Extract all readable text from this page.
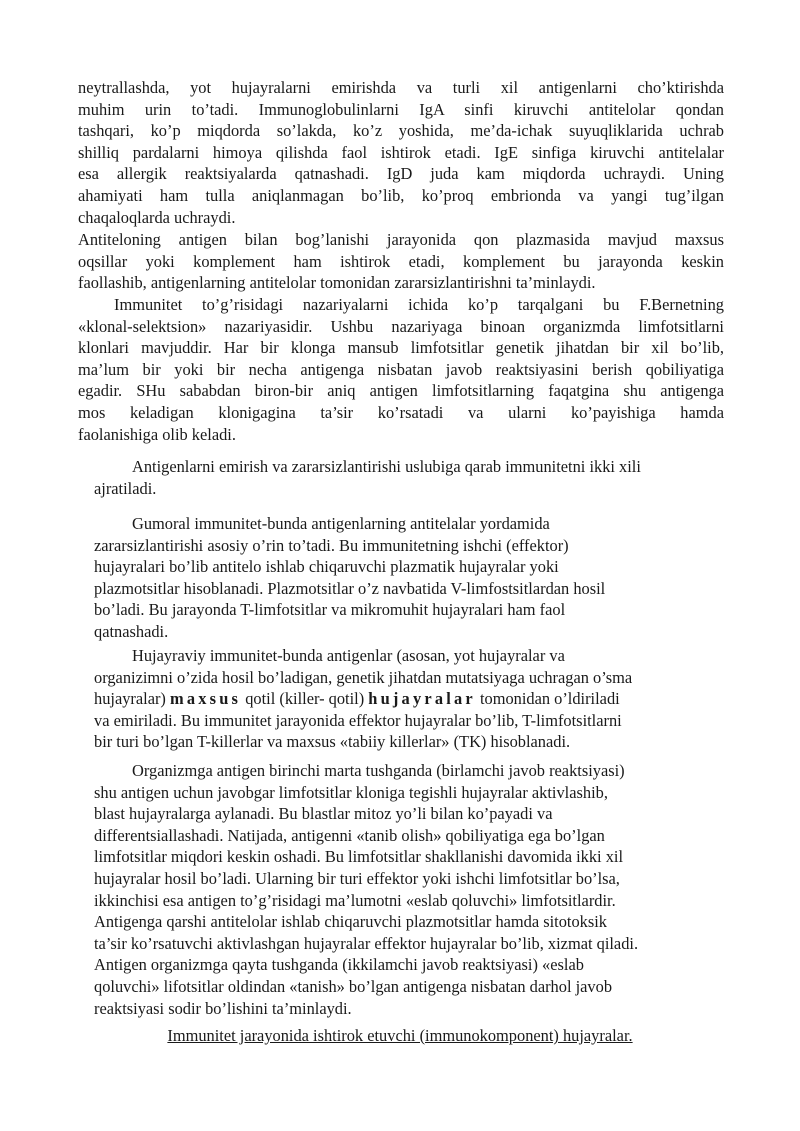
neytrallashda, yot hujayralarni emirishda va turli xil antigenlarni cho’ktirishda
muhim urin to’tadi. Immunoglobulinlarni IgA sinfi kiruvchi antitelolar qondan
tashqari, ko’p miqdorda so’lakda, ko’z yoshida, me’da-ichak suyuqliklarida uchrab
shilliq pardalarni himoya qilishda faol ishtirok etadi. IgE sinfiga kiruvchi antitelalar
esa allergik reaktsiyalarda qatnashadi. IgD juda kam miqdorda uchraydi. Uning
ahamiyati ham tulla aniqlanmagan bo’lib, ko’proq embrionda va yangi tug’ilgan
chaqaloqlarda uchraydi.
Antiteloning antigen bilan bog’lanishi jarayonida qon plazmasida mavjud maxsus
oqsillar yoki komplement ham ishtirok etadi, komplement bu jarayonda keskin
faollashib, antigenlarning antitelolar tomonidan zararsizlantirishni ta’minlaydi.
Immunitet to’g’risidagi nazariyalarni ichida ko’p tarqalgani bu F.Bernetning
«klonal-selektsion» nazariyasidir. Ushbu nazariyaga binoan organizmda limfotsitlarni
klonlari mavjuddir. Har bir klonga mansub limfotsitlar genetik jihatdan bir xil bo’lib,
ma’lum bir yoki bir necha antigenga nisbatan javob reaktsiyasini berish qobiliyatiga
egadir. SHu sababdan biron-bir aniq antigen limfotsitlarning faqatgina shu antigenga
mos keladigan klonigagina ta’sir ko’rsatadi va ularni ko’payishiga hamda
faolanishiga olib keladi.
Antigenlarni emirish va zararsizlantirishi uslubiga qarab immunitetni ikki xili
ajratiladi.
Gumoral immunitet-bunda antigenlarning antitelalar yordamida
zararsizlantirishi asosiy o’rin to’tadi. Bu immunitetning ishchi (effektor)
hujayralari bo’lib antitelo ishlab chiqaruvchi plazmatik hujayralar yoki
plazmotsitlar hisoblanadi. Plazmotsitlar o’z navbatida V-limfostsitlardan hosil
bo’ladi. Bu jarayonda T-limfotsitlar va mikromuhit hujayralari ham faol
qatnashadi.
Hujayraviy immunitet-bunda antigenlar (asosan, yot hujayralar va
organizimni o’zida hosil bo’ladigan, genetik jihatdan mutatsiyaga uchragan o’sma
hujayralar) maxsus qotil (killer- qotil) hujayralar tomonidan o’ldiriladi
va emiriladi. Bu immunitet jarayonida effektor hujayralar bo’lib, T-limfotsitlarni
bir turi bo’lgan T-killerlar va maxsus «tabiiy killerlar» (TK) hisoblanadi.
Organizmga antigen birinchi marta tushganda (birlamchi javob reaktsiyasi)
shu antigen uchun javobgar limfotsitlar kloniga tegishli hujayralar aktivlashib,
blast hujayralarga aylanadi. Bu blastlar mitoz yo’li bilan ko’payadi va
differentsiallashadi. Natijada, antigenni «tanib olish» qobiliyatiga ega bo’lgan
limfotsitlar miqdori keskin oshadi. Bu limfotsitlar shakllanishi davomida ikki xil
hujayralar hosil bo’ladi. Ularning bir turi effektor yoki ishchi limfotsitlar bo’lsa,
ikkinchisi esa antigen to’g’risidagi ma’lumotni «eslab qoluvchi» limfotsitlardir.
Antigenga qarshi antitelolar ishlab chiqaruvchi plazmotsitlar hamda sitotoksik
ta’sir ko’rsatuvchi aktivlashgan hujayralar effektor hujayralar bo’lib, xizmat qiladi.
Antigen organizmga qayta tushganda (ikkilamchi javob reaktsiyasi) «eslab
qoluvchi» lifotsitlar oldindan «tanish» bo’lgan antigenga nisbatan darhol javob
reaktsiyasi sodir bo’lishini ta’minlaydi.
Immunitet jarayonida ishtirok etuvchi (immunokomponent) hujayralar.
